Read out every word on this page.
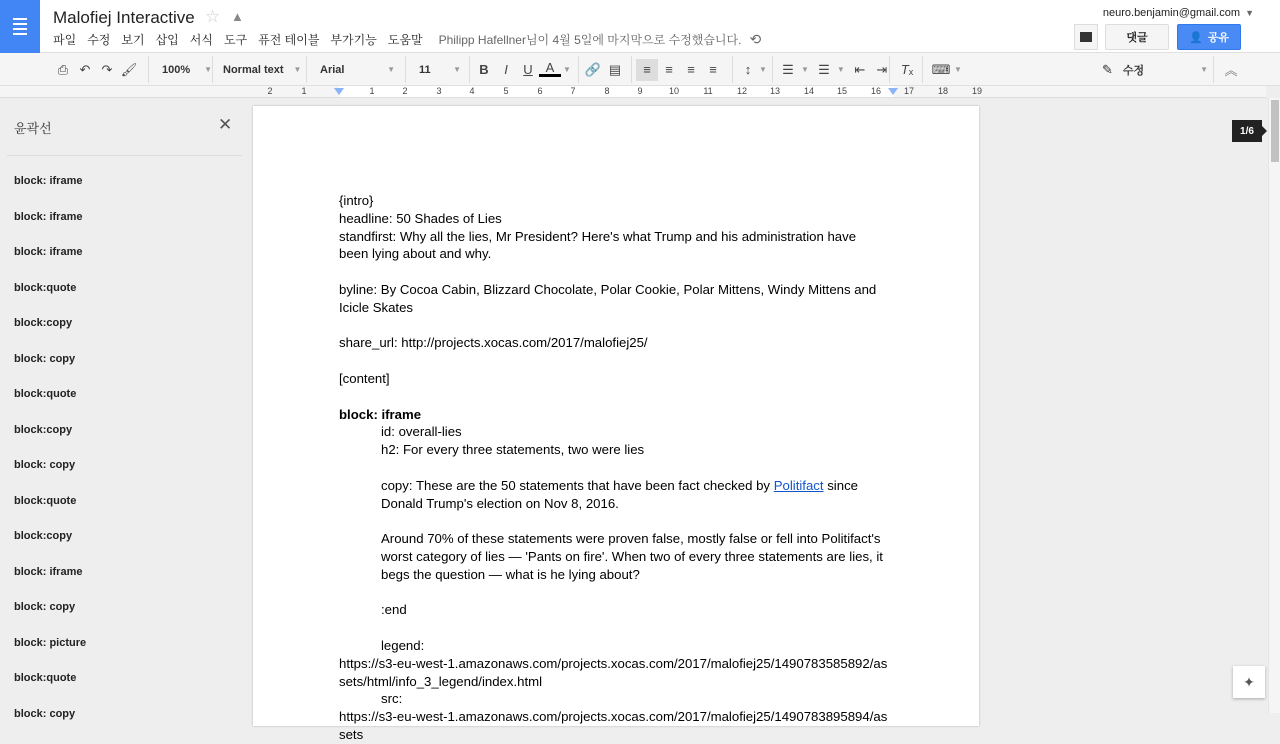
Malofiej Interactive ☆ ▲
파일 수정 보기 삽입 서식 도구 퓨전 테이블 부가기능 도움말 Philipp Hafellner님이 4월 5일에 마지막으로 수정했습니다. ⟲
neuro.benjamin@gmail.com ▼
댓글	👤 공유
⎙ ↶ ↷ 🖌 100% ▼ Normal text ▼ Arial	▼ 11	▼	B	I	U A	▼ 🔗 ▤	≡	≡	≡	≡	↕ ▼	☰ ▼ ☰ ▼ ⇤ ⇥	Tₓ	⌨ ▼	✎ 수정	▼	︽
2	1	1	2	3	4	5	6	7	8	9	10	11	12	13	14	15	16	17	18	19
윤곽선	✕
block: iframe
block: iframe
block: iframe
block:quote
block:copy
block: copy
block:quote
block:copy
block: copy
block:quote
block:copy
block: iframe
block: copy
block: picture
block:quote
block: copy

{intro}

headline: 50 Shades of Lies

standfirst: Why all the lies, Mr President? Here's what Trump and his administration have been lying about and why.

byline: By Cocoa Cabin, Blizzard Chocolate, Polar Cookie, Polar Mittens, Windy Mittens and Icicle Skates

share_url: http://projects.xocas.com/2017/malofiej25/

[content]

block: iframe

id: overall-lies

h2: For every three statements, two were lies

copy: These are the 50 statements that have been fact checked by Politifact since Donald Trump's election on Nov 8, 2016.

Around 70% of these statements were proven false, mostly false or fell into Politifact's worst category of lies — 'Pants on fire'. When two of every three statements are lies, it begs the question — what is he lying about?

:end

legend:

https://s3-eu-west-1.amazonaws.com/projects.xocas.com/2017/malofiej25/1490783585892/assets/html/info_3_legend/index.html

src:

https://s3-eu-west-1.amazonaws.com/projects.xocas.com/2017/malofiej25/1490783895894/assets

1/6
✦
